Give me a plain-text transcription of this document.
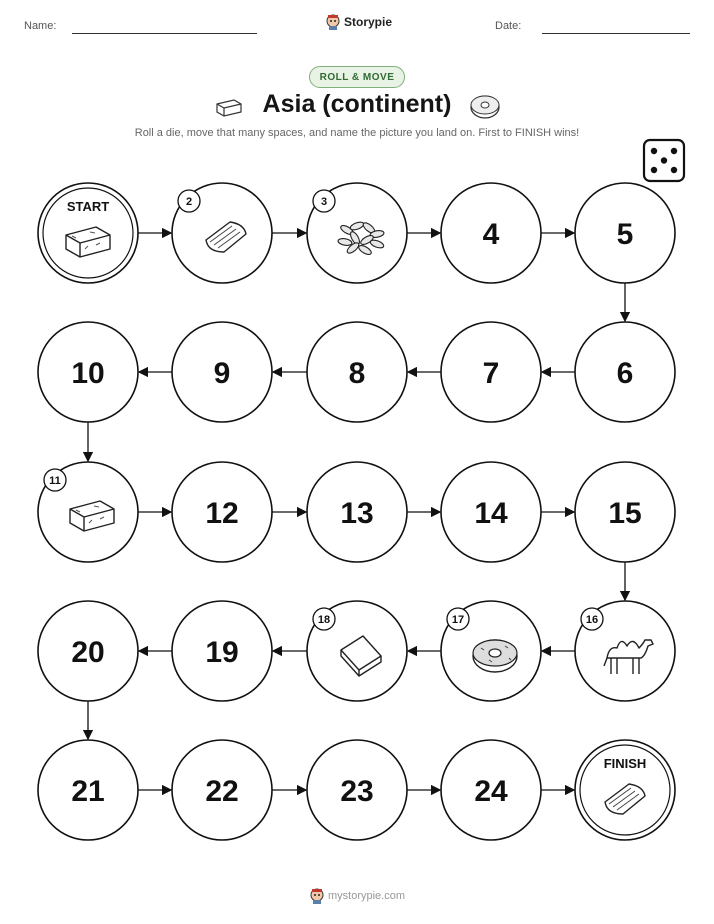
Name:	Storypie	Date:
ROLL & MOVE
Asia (continent)
Roll a die, move that many spaces, and name the picture you land on. First to FINISH wins!
START	2	3
4	5
6
7
8
9
10
11
12	13	14	15
16
17
18
19
20
21	22	23	24
FINISH
mystorypie.com
